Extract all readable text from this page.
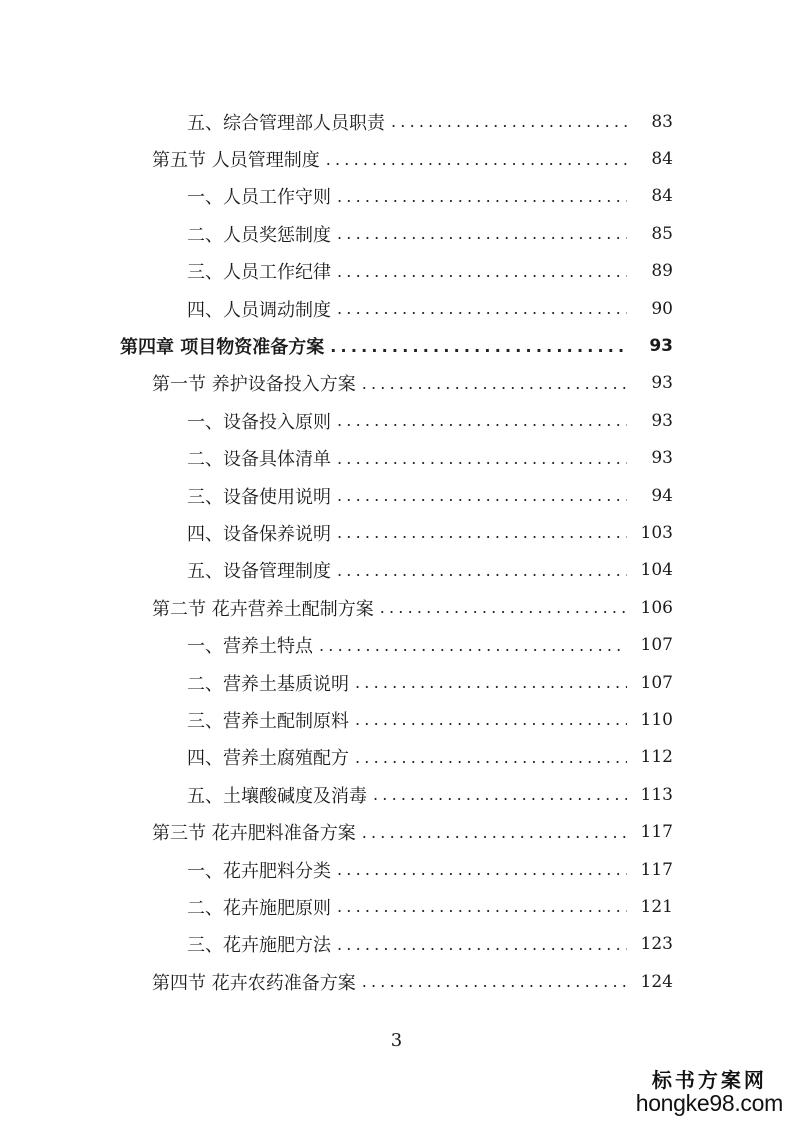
五、综合管理部人员职责 .....	83
第五节 人员管理制度 .....	84
一、人员工作守则 .....	84
二、人员奖惩制度 .....	85
三、人员工作纪律 .....	89
四、人员调动制度 .....	90
第四章 项目物资准备方案 .....	93
第一节 养护设备投入方案 .....	93
一、设备投入原则 .....	93
二、设备具体清单 .....	93
三、设备使用说明 .....	94
四、设备保养说明 .....	103
五、设备管理制度 .....	104
第二节 花卉营养土配制方案 .....	106
一、营养土特点 .....	107
二、营养土基质说明 .....	107
三、营养土配制原料 .....	110
四、营养土腐殖配方 .....	112
五、土壤酸碱度及消毒 .....	113
第三节 花卉肥料准备方案 .....	117
一、花卉肥料分类 .....	117
二、花卉施肥原则 .....	121
三、花卉施肥方法 .....	123
第四节 花卉农药准备方案 .....	124
3
标书方案网
hongke98.com
